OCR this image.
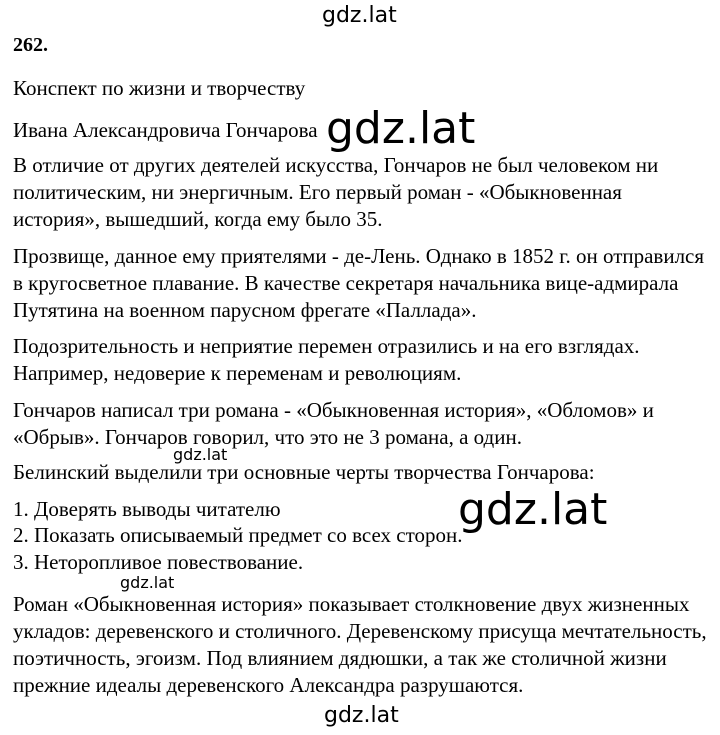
gdz.lat
262.
Конспект по жизни и творчеству
Ивана Александровича Гончарова gdz.lat
В отличие от других деятелей искусства, Гончаров не был человеком ни
политическим, ни энергичным. Его первый роман - «Обыкновенная
история», вышедший, когда ему было 35.
Прозвище, данное ему приятелями - де-Лень. Однако в 1852 г. он отправился
в кругосветное плавание. В качестве секретаря начальника вице-адмирала
Путятина на военном парусном фрегате «Паллада».
Подозрительность и неприятие перемен отразились и на его взглядах.
Например, недоверие к переменам и революциям.
Гончаров написал три романа - «Обыкновенная история», «Обломов» и
«Обрыв». Гончаров говорил, что это не 3 романа, а один.
gdz.lat
Белинский выделили три основные черты творчества Гончарова:
1. Доверять выводы читателю
2. Показать описываемый предмет со всех сторон.
3. Неторопливое повествование.
gdz.lat
gdz.lat
Роман «Обыкновенная история» показывает столкновение двух жизненных
укладов: деревенского и столичного. Деревенскому присуща мечтательность,
поэтичность, эгоизм. Под влиянием дядюшки, а так же столичной жизни
прежние идеалы деревенского Александра разрушаются.
gdz.lat
